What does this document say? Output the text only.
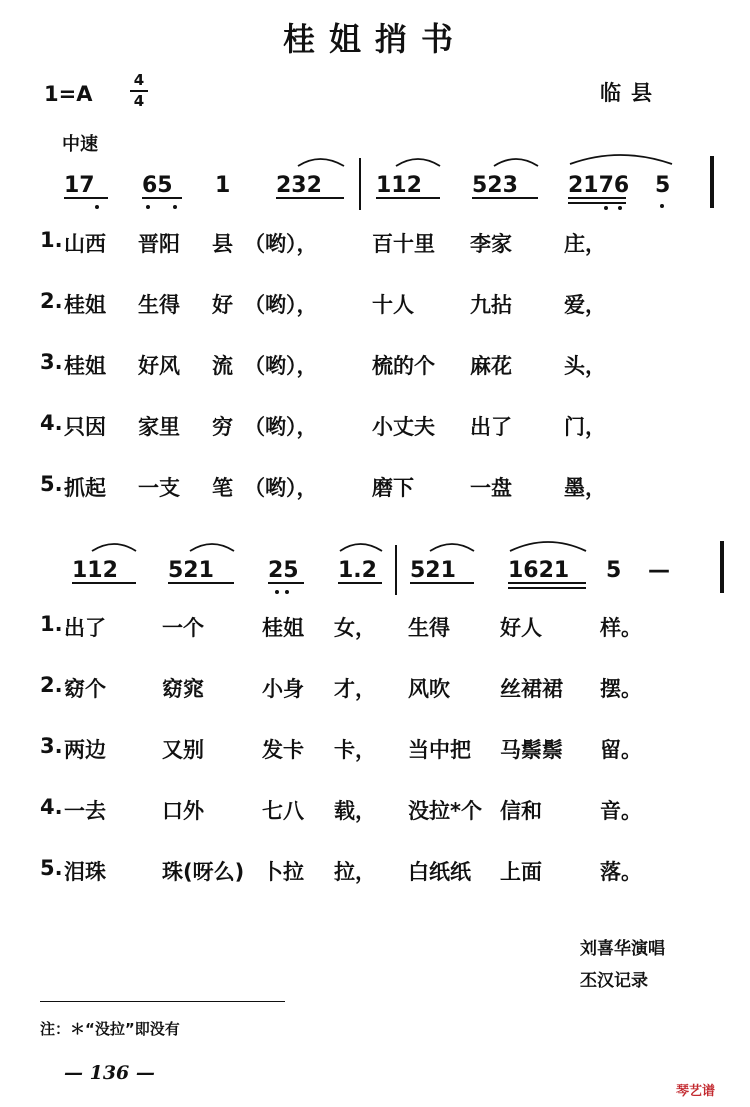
桂姐捎书
1=A
4
4	临县
中速
17 65 1 232 112 523 2176 5
1. 山西 晋阳 县 （哟），	百十里 李家 庄，
2. 桂姐 生得 好 （哟），	十人	九拈 爱，
3. 桂姐 好风 流 （哟），	梳的个 麻花 头，
4. 只因 家里 穷 （哟），	小丈夫 出了 门，
5. 抓起 一支 笔 （哟），	磨下	一盘 墨，
112 521 25 1.2 521 1621 5 —
1. 出了	一个	桂姐 女， 生得 好人	样。
2. 窈个	窈窕	小身 才， 风吹 丝裙裙 摆。
3. 两边	又别	发卡 卡， 当中把 马鬃鬃 留。
4. 一去	口外	七八 载， 没拉*个 信和	音。
5. 泪珠	珠(呀么) 卜拉 拉， 白纸纸 上面	落。
刘喜华演唱
丕汉记录
注：＊“没拉”即没有
— 136 —
琴艺谱
